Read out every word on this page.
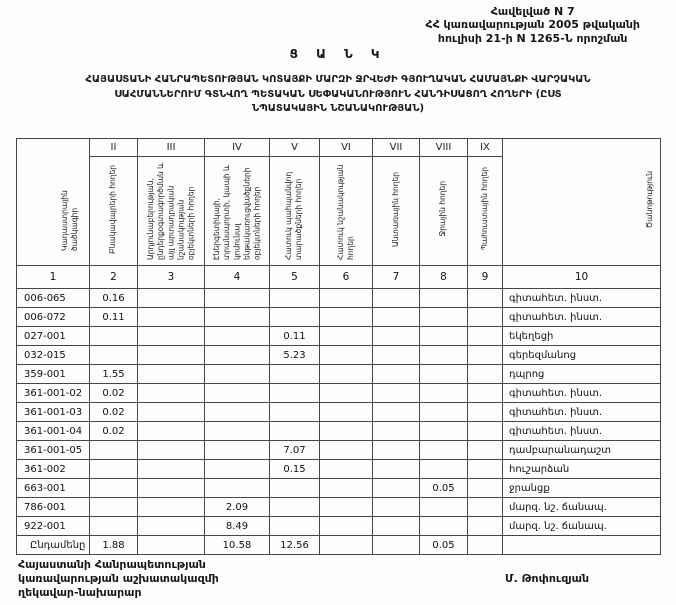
Հավելված N 7
ՀՀ կառավարության 2005 թվականի
հուլիսի 21-ի N 1265-Ն որոշման
Ց Ա Ն Կ
ՀԱՅԱՍՏԱՆԻ ՀԱՆՐԱՊԵՏՈՒԹՅԱՆ ԿՈՏԱՅՔԻ ՄԱՐԶԻ ՋՐՎԵԺԻ ԳՅՈՒՂԱԿԱՆ ՀԱՄԱՅՆՔԻ ՎԱՐՉԱԿԱՆ
ՍԱՀՄԱՆՆԵՐՈՒՄ ԳՏՆՎՈՂ ՊԵՏԱԿԱՆ ՍԵՓԱԿԱՆՈՒԹՅՈՒՆ ՀԱՆԴԻՍԱՑՈՂ ՀՈՂԵՐԻ (ԸՍՏ
ՆՊԱՏԱԿԱՅԻՆ ՆՇԱՆԱԿՈՒԹՅԱՆ)
Կադաստրային ծածկագիր	II	III	IV	V	VI	VII	VIII	IX	Ծանոթություն
	Բնակավայրերի հողեր	Արդյունաբերության, ընդերքօգտագործման և այլ արտադրական նշանակության օբյեկտների հողեր	Էներգետիկայի, տրանսպորտի, կապի և կոմունալ ենթակառուցվածքների օբյեկտների հողեր	Հատուկ պահպանվող տարածքների հողեր	Հատուկ նշանակության հողեր	Անտառային հողեր	Ջրային հողեր	Պահուստային հողեր	
1	2	3	4	5	6	7	8	9	10
006-065	0.16								գիտահետ. ինստ.
006-072	0.11								գիտահետ. ինստ.
027-001				0.11					եկեղեցի
032-015				5.23					գերեզմանոց
359-001	1.55								դպրոց
361-001-02	0.02								գիտահետ. ինստ.
361-001-03	0.02								գիտահետ. ինստ.
361-001-04	0.02								գիտահետ. ինստ.
361-001-05				7.07					դամբարանադաշտ
361-002				0.15					հուշարձան
663-001							0.05		ջրանցք
786-001			2.09						մարզ. նշ. ճանապ.
922-001			8.49						մարզ. նշ. ճանապ.
Ընդամենը	1.88		10.58	12.56			0.05		
Հայաստանի Հանրապետության
կառավարության աշխատակազմի
ղեկավար-նախարար
Մ. Թոփուզյան
